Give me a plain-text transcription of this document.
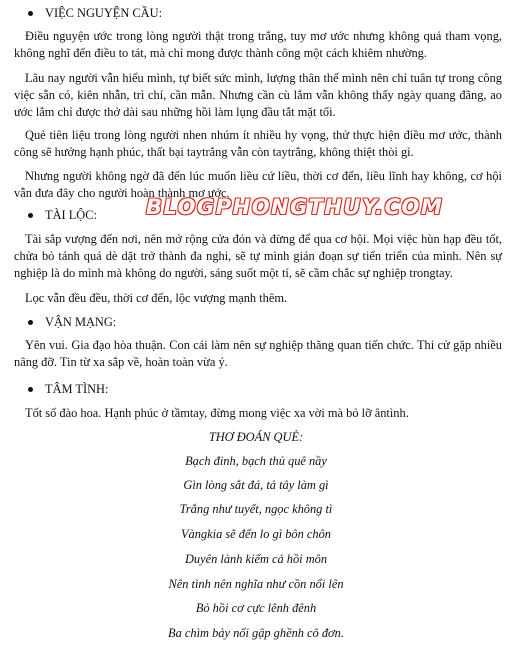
VIỆC NGUYỆN CẦU:

Điều nguyện ước trong lòng người thật trong trắng, tuy mơ ước nhưng không quá tham vọng, không nghĩ đến điều to tát, mà chỉ mong được thành công một cách khiêm nhường.

Lâu nay người vẫn hiểu mình, tự biết sức mình, lượng thân thế mình nên chỉ tuân tự trong công việc sẵn có, kiên nhẫn, trì chí, cần mẫn. Nhưng cần cù lắm vẫn không thấy ngày quang đãng, ao ước lắm chỉ được thở dài sau những hồi làm lụng đầu tắt mặt tối.

Quẻ tiên liệu trong lòng người nhen nhúm ít nhiều hy vọng, thử thực hiện điều mơ ước, thành công sẽ hưởng hạnh phúc, thất bại taytrắng vẫn còn taytrắng, không thiệt thòi gì.

Nhưng người không ngờ đã đến lúc muốn liều cứ liều, thời cơ đến, liều lĩnh hay không, cơ hội vẫn đưa đây cho người hoàn thành mơ ước.

TÀI LỘC: BLOGPHONGTHUY.COM

Tài sắp vượng đến nơi, nên mở rộng cửa đón và đừng để qua cơ hội. Mọi việc hùn hạp đều tốt, chửa bỏ tánh quá dè dặt trở thành đa nghi, sẽ tự mình gián đoạn sự tiến triển của mình. Nên sự nghiệp là do mình mà không do người, sáng suốt một tí, sẽ cầm chắc sự nghiệp trongtay.

Lọc vẫn đều đều, thời cơ đến, lộc vượng mạnh thêm.

VẬN MẠNG:

Yên vui. Gia đạo hòa thuận. Con cái làm nên sự nghiệp thăng quan tiến chức. Thi cử gặp nhiều nâng đỡ. Tin từ xa sắp về, hoàn toàn vừa ý.

TÂM TÌNH:

Tốt số đào hoa. Hạnh phúc ở tầmtay, đừng mong việc xa vời mà bỏ lỡ ântình.

THƠ ĐOÁN QUẺ:
Bạch đinh, bạch thủ quê nầy
Gìn lòng sắt đá, tả tây làm gì
Trắng như tuyết, ngọc không tì
Vàngkia sẽ đến lo gì bôn chôn
Duyên lành kiếm cả hồi môn
Nên tình nên nghĩa như cồn nổi lên
Bỏ hồi cơ cực lênh đênh
Ba chìm bảy nổi gập ghềnh cô đơn.
